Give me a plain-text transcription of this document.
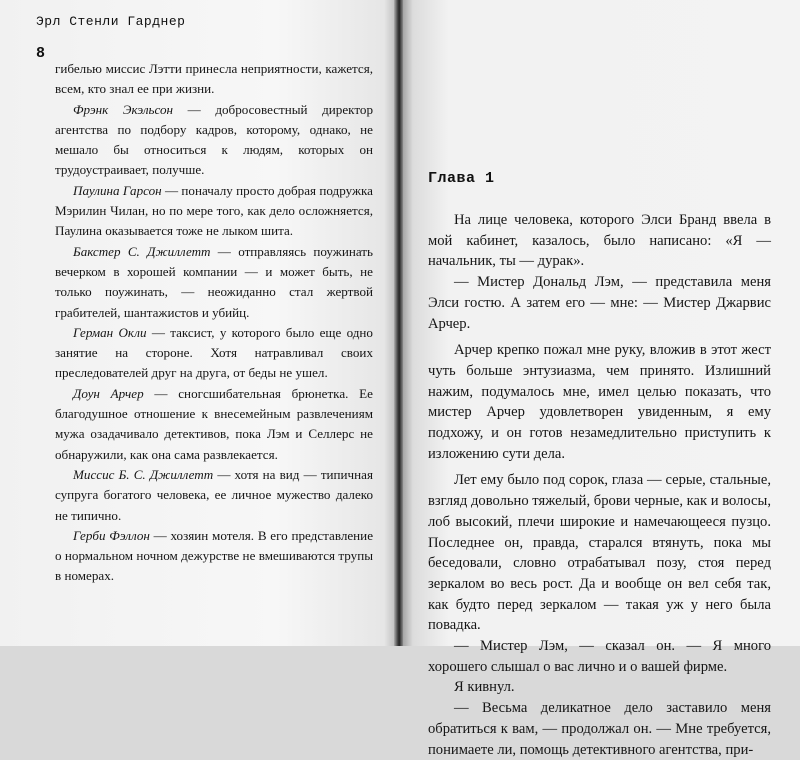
Эрл Стенли Гарднер
8

гибелью миссис Лэтти принесла неприятности, кажется, всем, кто знал ее при жизни.

Фрэнк Экэльсон — добросовестный директор агентства по подбору кадров, которому, однако, не мешало бы относиться к людям, которых он трудоустраивает, получше.

Паулина Гарсон — поначалу просто добрая подружка Мэрилин Чилан, но по мере того, как дело осложняется, Паулина оказывается тоже не лыком шита.

Бакстер С. Джиллетт — отправляясь поужинать вечерком в хорошей компании — и может быть, не только поужинать, — неожиданно стал жертвой грабителей, шантажистов и убийц.

Герман Окли — таксист, у которого было еще одно занятие на стороне. Хотя натравливал своих преследователей друг на друга, от беды не ушел.

Доун Арчер — сногсшибательная брюнетка. Ее благодушное отношение к внесемейным развлечениям мужа озадачивало детективов, пока Лэм и Селлерс не обнаружили, как она сама развлекается.

Миссис Б. С. Джиллетт — хотя на вид — типичная супруга богатого человека, ее личное мужество далеко не типично.

Герби Фэллон — хозяин мотеля. В его представление о нормальном ночном дежурстве не вмешиваются трупы в номерах.

Глава 1

На лице человека, которого Элси Бранд ввела в мой кабинет, казалось, было написано: «Я — начальник, ты — дурак».

— Мистер Дональд Лэм, — представила меня Элси гостю. А затем его — мне: — Мистер Джарвис Арчер.

Арчер крепко пожал мне руку, вложив в этот жест чуть больше энтузиазма, чем принято. Излишний нажим, подумалось мне, имел целью показать, что мистер Арчер удовлетворен увиденным, я ему подхожу, и он готов незамедлительно приступить к изложению сути дела.

Лет ему было под сорок, глаза — серые, стальные, взгляд довольно тяжелый, брови черные, как и волосы, лоб высокий, плечи широкие и намечающееся пузцо. Последнее он, правда, старался втянуть, пока мы беседовали, словно отрабатывал позу, стоя перед зеркалом во весь рост. Да и вообще он вел себя так, как будто перед зеркалом — такая уж у него была повадка.

— Мистер Лэм, — сказал он. — Я много хорошего слышал о вас лично и о вашей фирме.

Я кивнул.

— Весьма деликатное дело заставило меня обратиться к вам, — продолжал он. — Мне требуется, понимаете ли, помощь детективного агентства, при-
